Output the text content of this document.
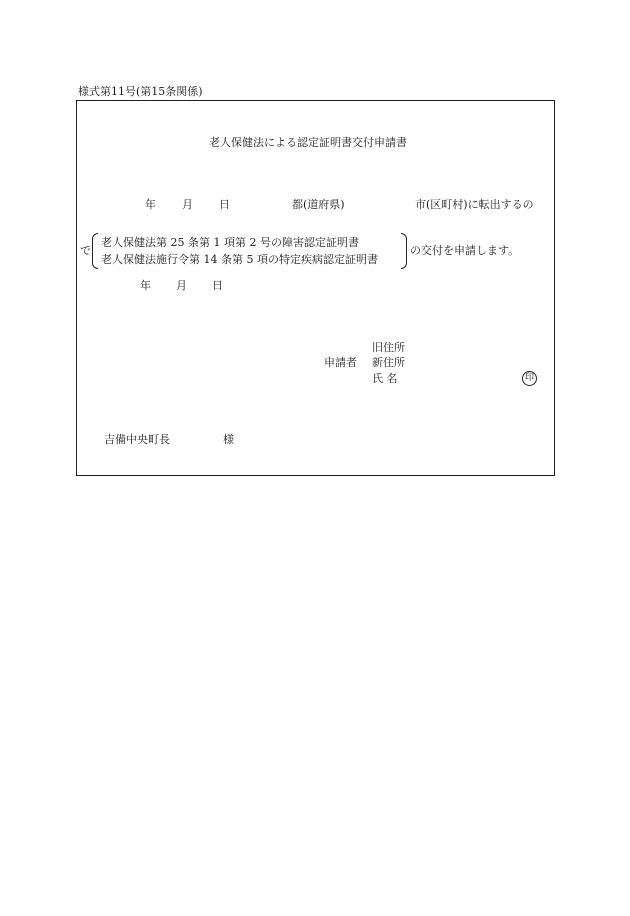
様式第11号(第15条関係)
老人保健法による認定証明書交付申請書
年 月 日	都(道府県)	市(区町村)に転出するの
で
老人保健法第 25 条第 1 項第 2 号の障害認定証明書
老人保健法施行令第 14 条第 5 項の特定疾病認定証明書
の交付を申請します。
年 月 日
旧住所
申請者 新住所
氏 名	印
吉備中央町長	様
